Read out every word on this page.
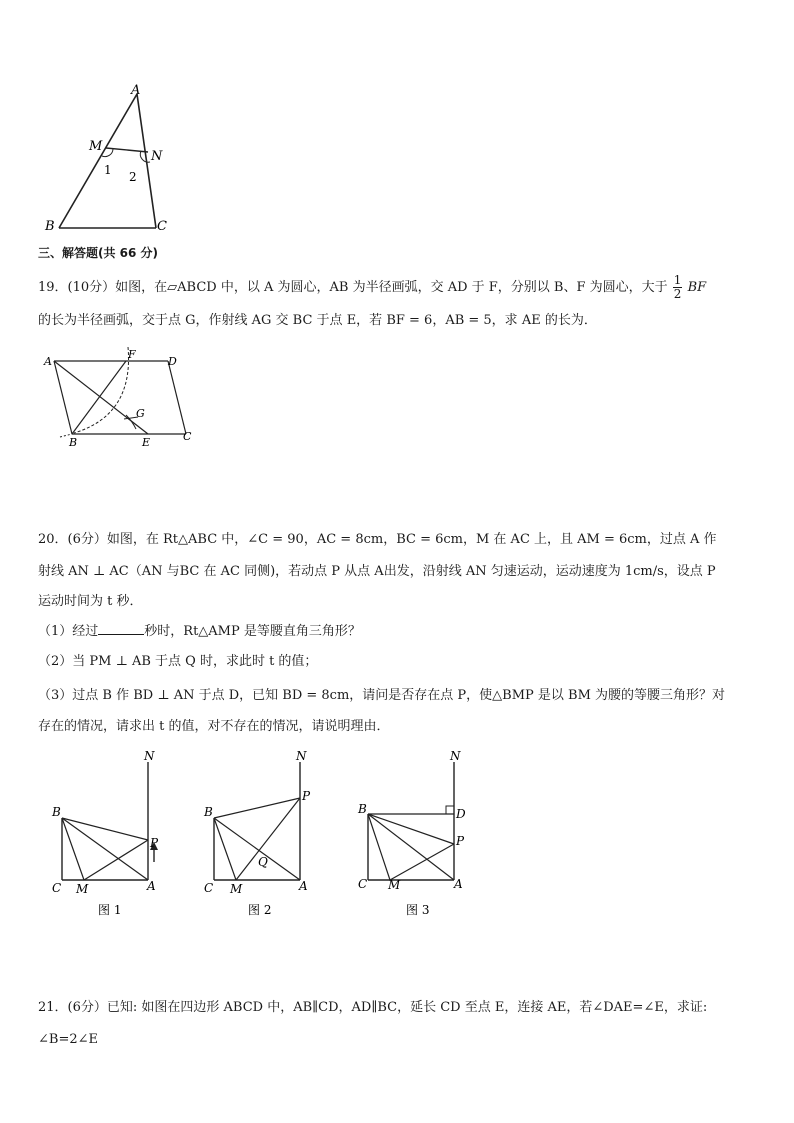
A
M
N
1 2
B	C
三、解答题(共 66 分)
19．(10分）如图，在▱ABCD 中，以 A 为圆心，AB 为半径画弧，交 AD 于 F，分别以 B、F 为圆心，大于 $\frac{1}{2}$ BF
的长为半径画弧，交于点 G，作射线 AG 交 BC 于点 E，若 BF = 6，AB = 5，求 AE 的长为．
A
F
D
G
B	E	C
20．(6分）如图，在 Rt△ABC 中，∠C = 90，AC = 8cm，BC = 6cm，M 在 AC 上，且 AM = 6cm，过点 A 作
射线 AN ⊥ AC（AN 与BC 在 AC 同侧)，若动点 P 从点 A出发，沿射线 AN 匀速运动，运动速度为 1cm/s，设点 P
运动时间为 t 秒．
（1）经过	秒时，Rt△AMP 是等腰直角三角形？
（2）当 PM ⊥ AB 于点 Q 时，求此时 t 的值；
（3）过点 B 作 BD ⊥ AN 于点 D，已知 BD = 8cm，请问是否存在点 P，使△BMP 是以 BM 为腰的等腰三角形？对
存在的情况，请求出 t 的值，对不存在的情况，请说明理由．
N
B
P
C M	A
图 1
N
B
P
Q
C M	A
图 2
N
B	D
P
C M	A
图 3
21．(6分）已知: 如图在四边形 ABCD 中，AB∥CD，AD∥BC，延长 CD 至点 E，连接 AE，若∠DAE=∠E，求证:
∠B=2∠E
